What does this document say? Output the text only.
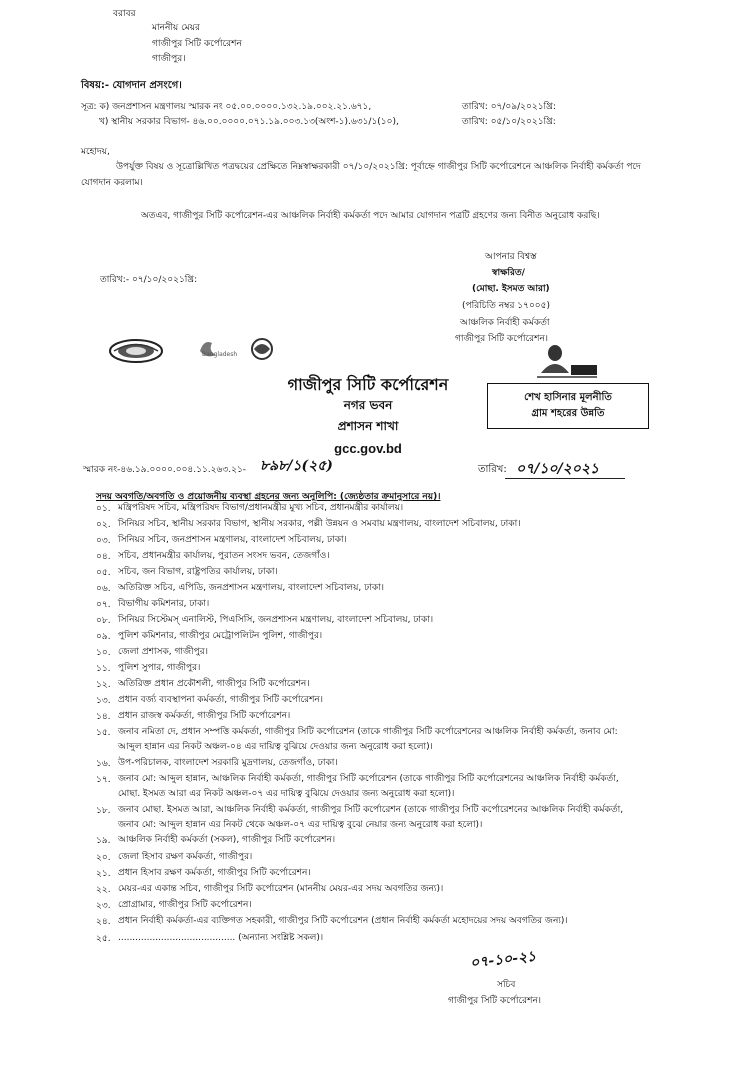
বরাবর
মাননীয় মেয়র
গাজীপুর সিটি কর্পোরেশন
গাজীপুর।
বিষয়:- যোগদান প্রসংগে।
সূত্র: ক) জনপ্রশাসন মন্ত্রণালয় স্মারক নং ০৫.০০.০০০০.১৩২.১৯.০০২.২১.৬৭১,	তারিখ: ০৭/০৯/২০২১খ্রি:
খ) স্থানীয় সরকার বিভাগ- ৪৬.০০.০০০০.০৭১.১৯.০০৩.১৩(অংশ-১).৬৩১/১(১০),	তারিখ: ০৫/১০/২০২১খ্রি:
মহোদয়,
উপর্যুক্ত বিষয় ও সূত্রোল্লিখিত পত্রদ্বয়ের প্রেক্ষিতে নিম্নস্বাক্ষরকারী ০৭/১০/২০২১খ্রি: পূর্বাহ্নে গাজীপুর সিটি কর্পোরেশনে আঞ্চলিক নির্বাহী কর্মকর্তা পদে যোগদান করলাম।
অতএব, গাজীপুর সিটি কর্পোরেশন-এর আঞ্চলিক নির্বাহী কর্মকর্তা পদে আমার যোগদান পত্রটি গ্রহণের জন্য বিনীত অনুরোধ করছি।
তারিখ:- ০৭/১০/২০২১খ্রি:
আপনার বিশ্বস্ত
স্বাক্ষরিত/
(মোছা. ইসমত আরা)
(পরিচিতি নম্বর ১৭০০৫)
আঞ্চলিক নির্বাহী কর্মকর্তা
গাজীপুর সিটি কর্পোরেশন।
Bangladesh
গাজীপুর সিটি কর্পোরেশন
নগর ভবন
প্রশাসন শাখা
gcc.gov.bd
শেখ হাসিনার মূলনীতি
গ্রাম শহরের উন্নতি
স্মারক নং-৪৬.১৯.০০০০.০০৪.১১.২৬৩.২১- ৮৯৮/১(২৫)	তারিখ: ০৭/১০/২০২১
সদয় অবগতি/অবগতি ও প্রয়োজনীয় ব্যবস্থা গ্রহনের জন্য অনুলিপি: (জ্যেষ্ঠতার ক্রমানুসারে নয়)।
০১. মন্ত্রিপরিষদ সচিব, মন্ত্রিপরিষদ বিভাগ/প্রধানমন্ত্রীর মুখ্য সচিব, প্রধানমন্ত্রীর কার্যালয়।
০২. সিনিয়র সচিব, স্থানীয় সরকার বিভাগ, স্থানীয় সরকার, পল্লী উন্নয়ন ও সমবায় মন্ত্রণালয়, বাংলাদেশ সচিবালয়, ঢাকা।
০৩. সিনিয়র সচিব, জনপ্রশাসন মন্ত্রণালয়, বাংলাদেশ সচিবালয়, ঢাকা।
০৪. সচিব, প্রধানমন্ত্রীর কার্যালয়, পুরাতন সংসদ ভবন, তেজগাঁও।
০৫. সচিব, জন বিভাগ, রাষ্ট্রপতির কার্যালয়, ঢাকা।
০৬. অতিরিক্ত সচিব, এপিডি, জনপ্রশাসন মন্ত্রণালয়, বাংলাদেশ সচিবালয়, ঢাকা।
০৭. বিভাগীয় কমিশনার, ঢাকা।
০৮. সিনিয়র সিস্টেমস্ এনালিস্ট, পিএসিসি, জনপ্রশাসন মন্ত্রণালয়, বাংলাদেশ সচিবালয়, ঢাকা।
০৯. পুলিশ কমিশনার, গাজীপুর মেট্রোপলিটন পুলিশ, গাজীপুর।
১০. জেলা প্রশাসক, গাজীপুর।
১১. পুলিশ সুপার, গাজীপুর।
১২. অতিরিক্ত প্রধান প্রকৌশলী, গাজীপুর সিটি কর্পোরেশন।
১৩. প্রধান বর্জ্য ব্যবস্থাপনা কর্মকর্তা, গাজীপুর সিটি কর্পোরেশন।
১৪. প্রধান রাজস্ব কর্মকর্তা, গাজীপুর সিটি কর্পোরেশন।
১৫. জনাব নমিতা দে, প্রধান সম্পত্তি কর্মকর্তা, গাজীপুর সিটি কর্পোরেশন (তাকে গাজীপুর সিটি কর্পোরেশনের আঞ্চলিক নির্বাহী কর্মকর্তা, জনাব মো: আব্দুল হান্নান এর নিকট অঞ্চল-০৪ এর দায়িত্ব বুঝিয়ে দেওয়ার জন্য অনুরোধ করা হলো)।
১৬. উপ-পরিচালক, বাংলাদেশ সরকারি মুদ্রণালয়, তেজগাঁও, ঢাকা।
১৭. জনাব মো: আব্দুল হান্নান, আঞ্চলিক নির্বাহী কর্মকর্তা, গাজীপুর সিটি কর্পোরেশন (তাকে গাজীপুর সিটি কর্পোরেশনের আঞ্চলিক নির্বাহী কর্মকর্তা, মোছা. ইসমত আরা এর নিকট অঞ্চল-০৭ এর দায়িত্ব বুঝিয়ে দেওয়ার জন্য অনুরোধ করা হলো)।
১৮. জনাব মোছা. ইসমত আরা, আঞ্চলিক নির্বাহী কর্মকর্তা, গাজীপুর সিটি কর্পোরেশন (তাকে গাজীপুর সিটি কর্পোরেশনের আঞ্চলিক নির্বাহী কর্মকর্তা, জনাব মো: আব্দুল হান্নান এর নিকট থেকে অঞ্চল-০৭ এর দায়িত্ব বুঝে নেয়ার জন্য অনুরোধ করা হলো)।
১৯. আঞ্চলিক নির্বাহী কর্মকর্তা (সকল), গাজীপুর সিটি কর্পোরেশন।
২০. জেলা হিসাব রক্ষণ কর্মকর্তা, গাজীপুর।
২১. প্রধান হিসাব রক্ষণ কর্মকর্তা, গাজীপুর সিটি কর্পোরেশন।
২২. মেয়র-এর একান্ত সচিব, গাজীপুর সিটি কর্পোরেশন (মাননীয় মেয়র-এর সদয় অবগতির জন্য)।
২৩. প্রোগ্রামার, গাজীপুর সিটি কর্পোরেশন।
২৪. প্রধান নির্বাহী কর্মকর্তা-এর ব্যক্তিগত সহকারী, গাজীপুর সিটি কর্পোরেশন (প্রধান নির্বাহী কর্মকর্তা মহোদয়ের সদয় অবগতির জন্য)।
২৫. ......................................... (অন্যান্য সংশ্লিষ্ট সকল)।
০৭-১০-২১
সচিব
গাজীপুর সিটি কর্পোরেশন।
